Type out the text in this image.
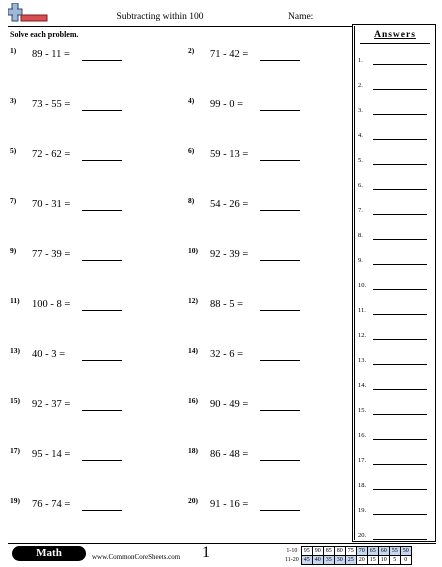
Subtracting within 100	Name:
Solve each problem.
1) 89 - 11 =	2) 71 - 42 =
3) 73 - 55 =	4) 99 - 0 =
5) 72 - 62 =	6) 59 - 13 =
7) 70 - 31 =	8) 54 - 26 =
9) 77 - 39 =	10) 92 - 39 =
11) 100 - 8 =	12) 88 - 5 =
13) 40 - 3 =	14) 32 - 6 =
15) 92 - 37 =	16) 90 - 49 =
17) 95 - 14 =	18) 86 - 48 =
19) 76 - 74 =	20) 91 - 16 =
Answers
1.
2.
3.
4.
5.
6.
7.
8.
9.
10.
11.
12.
13.
14.
15.
16.
17.
18.
19.
20.
Math	www.CommonCoreSheets.com 1	1-10	95	90	85	80	75	70	65	60	55	50
11-20	45	40	35	30	25	20	15	10	5	0
